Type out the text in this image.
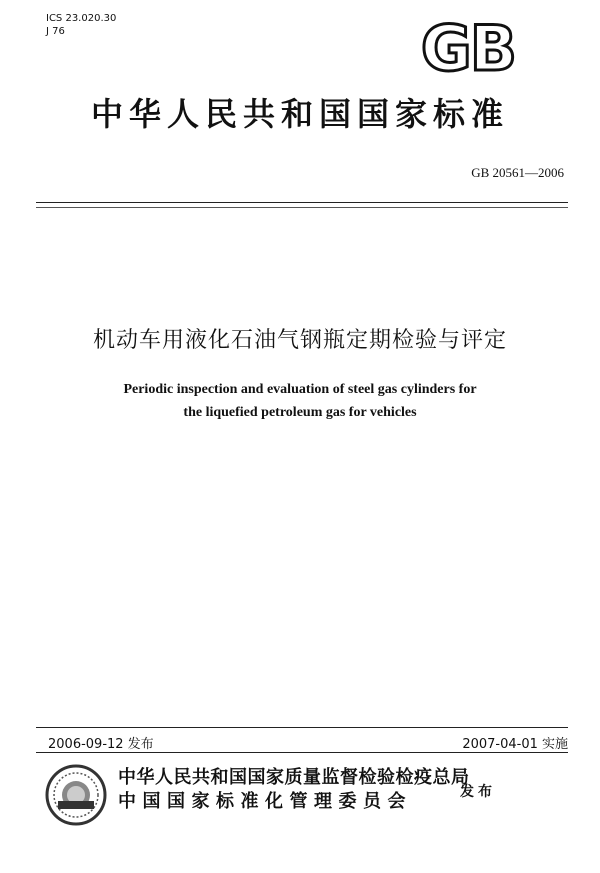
ICS 23.020.30
J 76	GB
中华人民共和国国家标准
GB 20561—2006
机动车用液化石油气钢瓶定期检验与评定
Periodic inspection and evaluation of steel gas cylinders for
the liquefied petroleum gas for vehicles
2006-09-12 发布	2007-04-01 实施
中华人民共和国国家质量监督检验检疫总局
中国国家标准化管理委员会	发布
